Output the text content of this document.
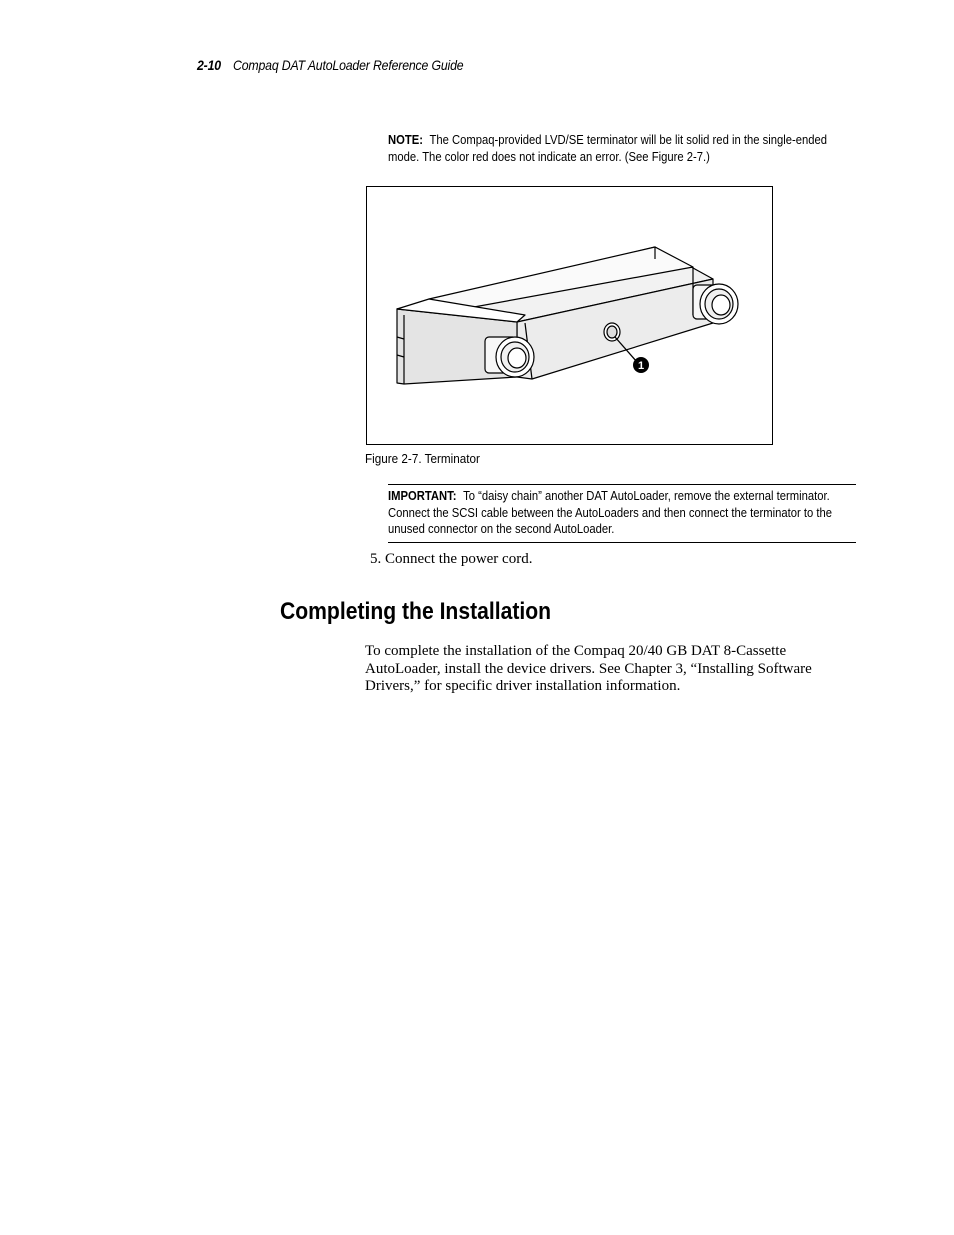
2-10 Compaq DAT AutoLoader Reference Guide
NOTE: The Compaq-provided LVD/SE terminator will be lit solid red in the single-ended mode. The color red does not indicate an error. (See Figure 2-7.)
1
Figure 2-7. Terminator
IMPORTANT: To “daisy chain” another DAT AutoLoader, remove the external terminator. Connect the SCSI cable between the AutoLoaders and then connect the terminator to the unused connector on the second AutoLoader.
5. Connect the power cord.
Completing the Installation
To complete the installation of the Compaq 20/40 GB DAT 8-Cassette AutoLoader, install the device drivers. See Chapter 3, “Installing Software Drivers,” for specific driver installation information.
